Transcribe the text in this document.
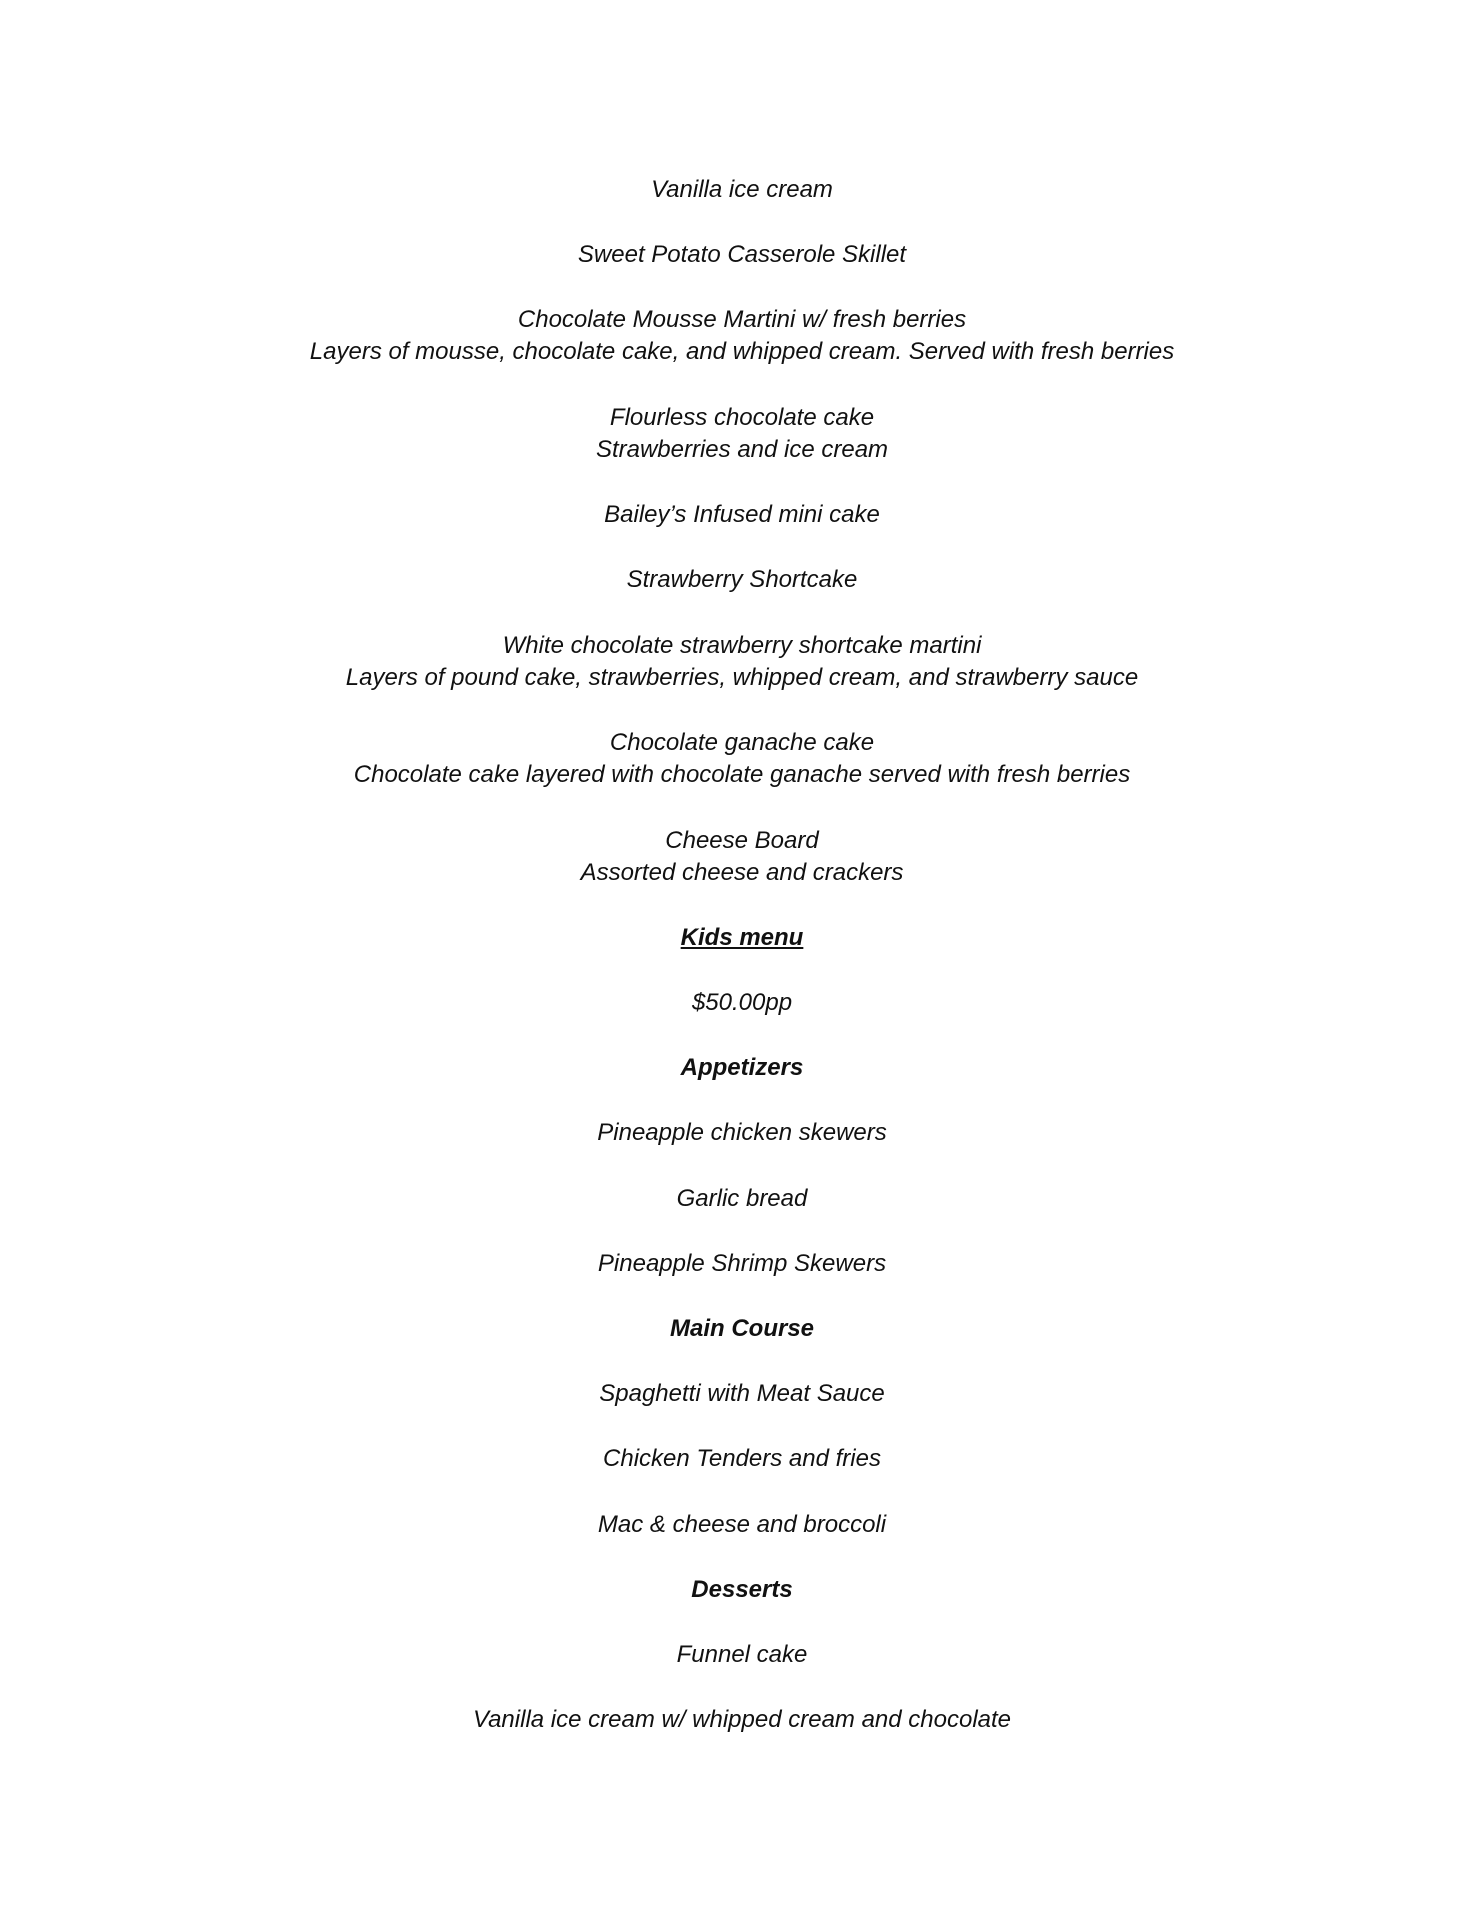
Vanilla ice cream

Sweet Potato Casserole Skillet

Chocolate Mousse Martini w/ fresh berries

Layers of mousse, chocolate cake, and whipped cream. Served with fresh berries

Flourless chocolate cake

Strawberries and ice cream

Bailey’s Infused mini cake

Strawberry Shortcake

White chocolate strawberry shortcake martini

Layers of pound cake, strawberries, whipped cream, and strawberry sauce

Chocolate ganache cake

Chocolate cake layered with chocolate ganache served with fresh berries

Cheese Board

Assorted cheese and crackers

Kids menu

$50.00pp

Appetizers

Pineapple chicken skewers

Garlic bread

Pineapple Shrimp Skewers

Main Course

Spaghetti with Meat Sauce

Chicken Tenders and fries

Mac & cheese and broccoli

Desserts

Funnel cake

Vanilla ice cream w/ whipped cream and chocolate
